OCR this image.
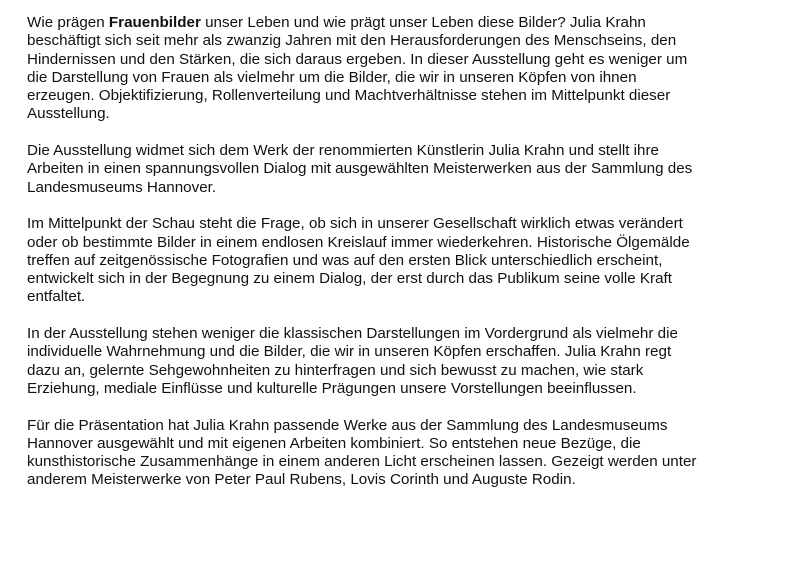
Wie prägen Frauenbilder unser Leben und wie prägt unser Leben diese Bilder? Julia Krahn
beschäftigt sich seit mehr als zwanzig Jahren mit den Herausforderungen des Menschseins, den
Hindernissen und den Stärken, die sich daraus ergeben. In dieser Ausstellung geht es weniger um
die Darstellung von Frauen als vielmehr um die Bilder, die wir in unseren Köpfen von ihnen
erzeugen. Objektifizierung, Rollenverteilung und Machtverhältnisse stehen im Mittelpunkt dieser
Ausstellung.

Die Ausstellung widmet sich dem Werk der renommierten Künstlerin Julia Krahn und stellt ihre
Arbeiten in einen spannungsvollen Dialog mit ausgewählten Meisterwerken aus der Sammlung des
Landesmuseums Hannover.

Im Mittelpunkt der Schau steht die Frage, ob sich in unserer Gesellschaft wirklich etwas verändert
oder ob bestimmte Bilder in einem endlosen Kreislauf immer wiederkehren. Historische Ölgemälde
treffen auf zeitgenössische Fotografien und was auf den ersten Blick unterschiedlich erscheint,
entwickelt sich in der Begegnung zu einem Dialog, der erst durch das Publikum seine volle Kraft
entfaltet.

In der Ausstellung stehen weniger die klassischen Darstellungen im Vordergrund als vielmehr die
individuelle Wahrnehmung und die Bilder, die wir in unseren Köpfen erschaffen. Julia Krahn regt
dazu an, gelernte Sehgewohnheiten zu hinterfragen und sich bewusst zu machen, wie stark
Erziehung, mediale Einflüsse und kulturelle Prägungen unsere Vorstellungen beeinflussen.

Für die Präsentation hat Julia Krahn passende Werke aus der Sammlung des Landesmuseums
Hannover ausgewählt und mit eigenen Arbeiten kombiniert. So entstehen neue Bezüge, die
kunsthistorische Zusammenhänge in einem anderen Licht erscheinen lassen. Gezeigt werden unter
anderem Meisterwerke von Peter Paul Rubens, Lovis Corinth und Auguste Rodin.
